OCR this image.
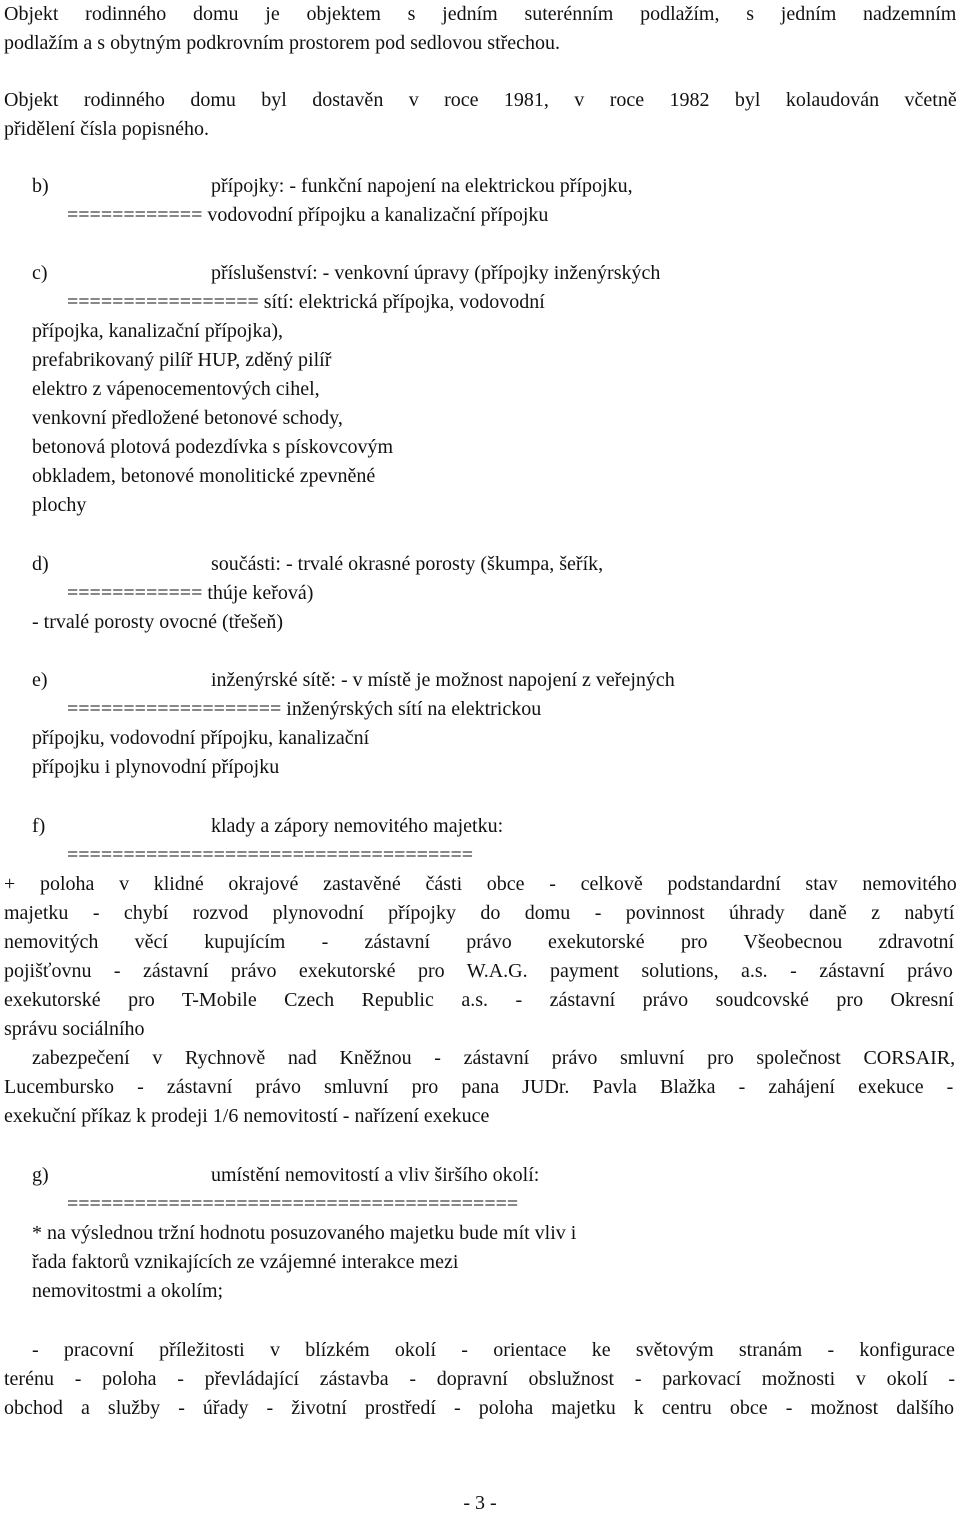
Objekt rodinného domu je objektem s jedním suterénním podlažím, s jedním nadzemním
podlažím a s obytným podkrovním prostorem pod sedlovou střechou.
Objekt rodinného domu byl dostavěn v roce 1981, v roce 1982 byl kolaudován včetně
přidělení čísla popisného.
b)	přípojky: - funkční napojení na elektrickou přípojku,
============ vodovodní přípojku a kanalizační přípojku
c)	příslušenství: - venkovní úpravy (přípojky inženýrských
================= sítí: elektrická přípojka, vodovodní
přípojka, kanalizační přípojka),
prefabrikovaný pilíř HUP, zděný pilíř
elektro z vápenocementových cihel,
venkovní předložené betonové schody,
betonová plotová podezdívka s pískovcovým
obkladem, betonové monolitické zpevněné
plochy
d)	součásti: - trvalé okrasné porosty (škumpa, šeřík,
============ thúje keřová)
- trvalé porosty ovocné (třešeň)
e)	inženýrské sítě: - v místě je možnost napojení z veřejných
=================== inženýrských sítí na elektrickou
přípojku, vodovodní přípojku, kanalizační
přípojku i plynovodní přípojku
f)	klady a zápory nemovitého majetku:
====================================
+ poloha v klidné okrajové zastavěné části obce - celkově podstandardní stav nemovitého
majetku - chybí rozvod plynovodní přípojky do domu - povinnost úhrady daně z nabytí
nemovitých věcí kupujícím - zástavní právo exekutorské pro Všeobecnou zdravotní
pojišťovnu - zástavní právo exekutorské pro W.A.G. payment solutions, a.s. - zástavní právo
exekutorské pro T-Mobile Czech Republic a.s. - zástavní právo soudcovské pro Okresní
správu sociálního
zabezpečení v Rychnově nad Kněžnou - zástavní právo smluvní pro společnost CORSAIR,
Lucembursko - zástavní právo smluvní pro pana JUDr. Pavla Blažka - zahájení exekuce -
exekuční příkaz k prodeji 1/6 nemovitostí - nařízení exekuce
g)	umístění nemovitostí a vliv širšího okolí:
========================================
* na výslednou tržní hodnotu posuzovaného majetku bude mít vliv i
řada faktorů vznikajících ze vzájemné interakce mezi
nemovitostmi a okolím;
- pracovní příležitosti v blízkém okolí - orientace ke světovým stranám - konfigurace
terénu - poloha - převládající zástavba - dopravní obslužnost - parkovací možnosti v okolí -
obchod a služby - úřady - životní prostředí - poloha majetku k centru obce - možnost dalšího
- 3 -
